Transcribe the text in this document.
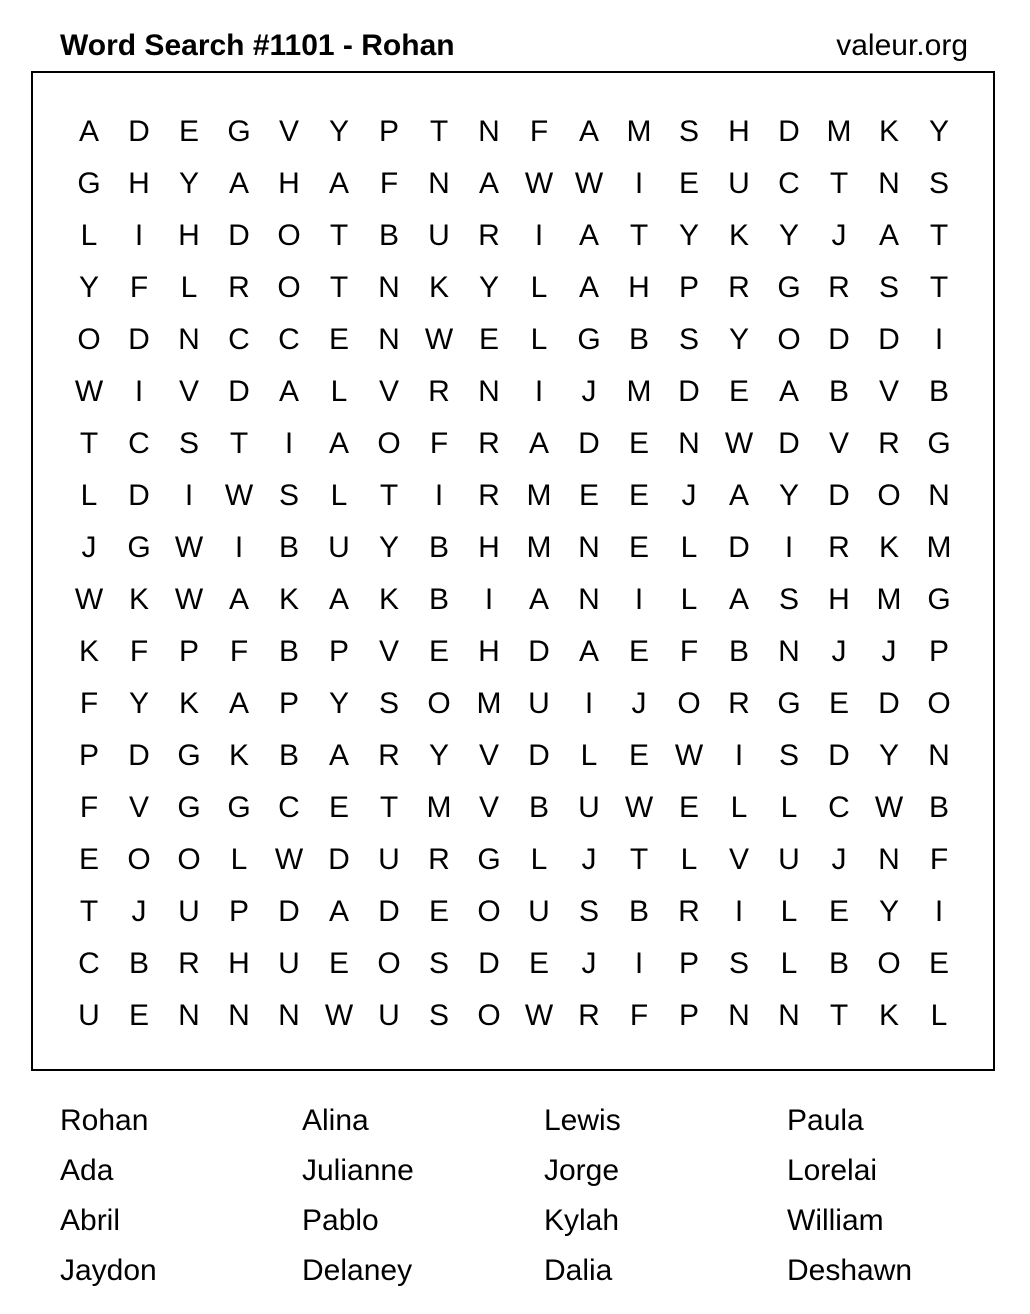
Word Search #1101 - Rohan	valeur.org
A D E G V Y P	T	N	F	A M S H D M K Y
G H Y A H A	F	N A W W	I	E U C	T	N S
L	I	H D O T	B U R	I	A	T	Y K Y	J	A	T
Y	F	L	R O T	N K Y	L	A H P R G R S	T
O D N C C E N W E	L G B S Y O D D	I
W	I	V D A	L	V R N	I	J	M D E A B V B
T	C S	T	I	A O F	R A D E N W D V R G
L	D	I	W S	L	T	I	R M E E	J	A Y D O N
J	G W	I	B U Y B H M N E	L	D	I	R K M
W K W A K A K B	I	A N	I	L	A S H M G
K	F	P	F	B P V E H D A E	F	B N	J	J	P
F	Y K A P Y S O M U	I	J	O R G E D O
P D G K B A R Y V D	L	E W	I	S D Y N
F	V G G C E	T M V B U W E	L	L	C W B
E O O L W D U R G L	J	T	L	V U	J	N	F
T	J	U P D A D E O U S B R	I	L	E Y	I
C B R H U E O S D E	J	I	P S	L	B O E
U E N N N W U S O W R	F	P N N	T	K	L
Rohan	Alina	Lewis	Paula
Ada	Julianne	Jorge	Lorelai
Abril	Pablo	Kylah	William
Jaydon	Delaney	Dalia	Deshawn
